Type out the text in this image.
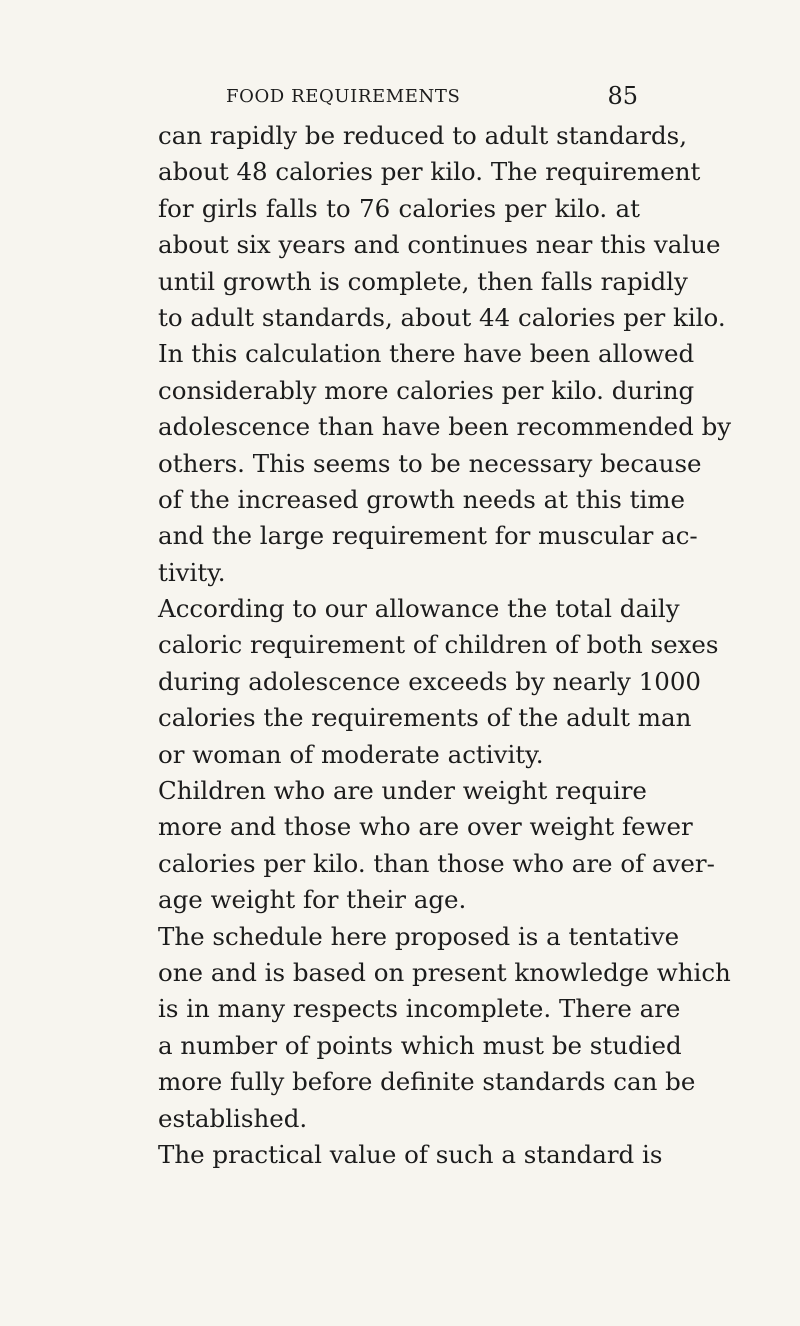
FOOD REQUIREMENTS	85
can rapidly be reduced to adult standards,
about 48 calories per kilo. The requirement
for girls falls to 76 calories per kilo. at
about six years and continues near this value
until growth is complete, then falls rapidly
to adult standards, about 44 calories per kilo.
In this calculation there have been allowed
considerably more calories per kilo. during
adolescence than have been recommended by
others. This seems to be necessary because
of the increased growth needs at this time
and the large requirement for muscular ac-
tivity.
According to our allowance the total daily
caloric requirement of children of both sexes
during adolescence exceeds by nearly 1000
calories the requirements of the adult man
or woman of moderate activity.
Children who are under weight require
more and those who are over weight fewer
calories per kilo. than those who are of aver-
age weight for their age.
The schedule here proposed is a tentative
one and is based on present knowledge which
is in many respects incomplete. There are
a number of points which must be studied
more fully before definite standards can be
established.
The practical value of such a standard is
